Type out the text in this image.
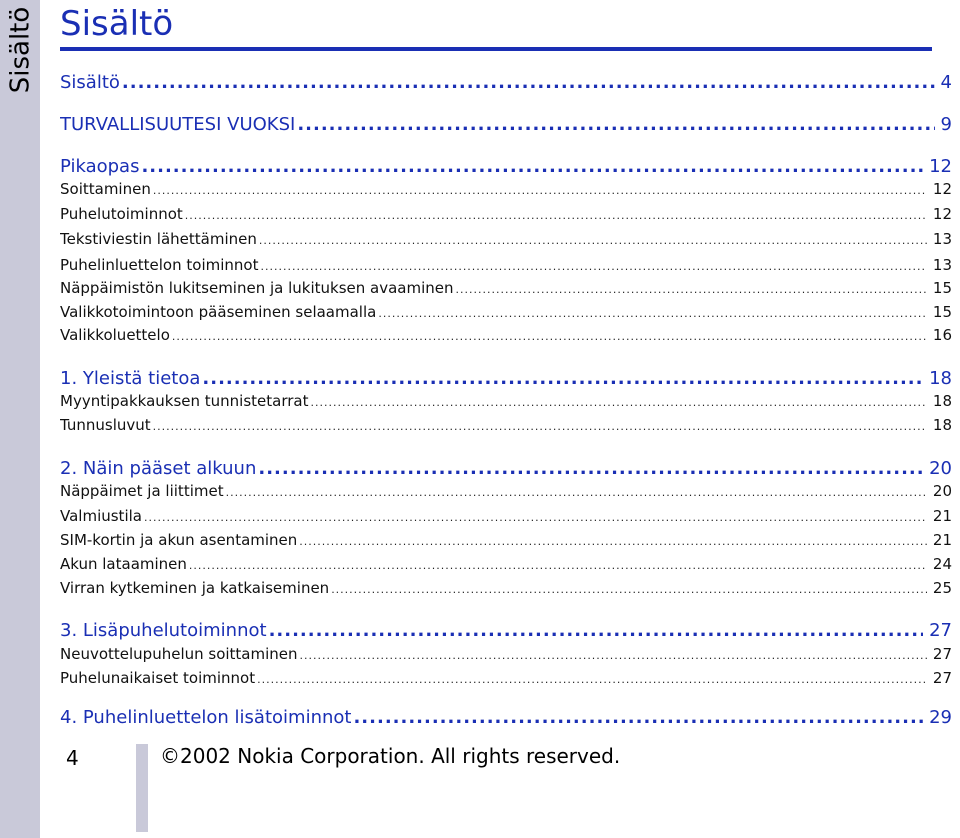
Sisältö Sisältö
Sisältö .....	4
TURVALLISUUTESI VUOKSI .....	9
Pikaopas .....	12
Soittaminen .....	12
Puhelutoiminnot .....	12
Tekstiviestin lähettäminen .....	13
Puhelinluettelon toiminnot .....	13
Näppäimistön lukitseminen ja lukituksen avaaminen .....	15
Valikkotoimintoon pääseminen selaamalla .....	15
Valikkoluettelo .....	16
1. Yleistä tietoa .....	18
Myyntipakkauksen tunnistetarrat .....	18
Tunnusluvut .....	18
2. Näin pääset alkuun .....	20
Näppäimet ja liittimet .....	20
Valmiustila .....	21
SIM-kortin ja akun asentaminen .....	21
Akun lataaminen .....	24
Virran kytkeminen ja katkaiseminen .....	25
3. Lisäpuhelutoiminnot .....	27
Neuvottelupuhelun soittaminen .....	27
Puhelunaikaiset toiminnot .....	27
4. Puhelinluettelon lisätoiminnot .....	29
4	©2002 Nokia Corporation. All rights reserved.
